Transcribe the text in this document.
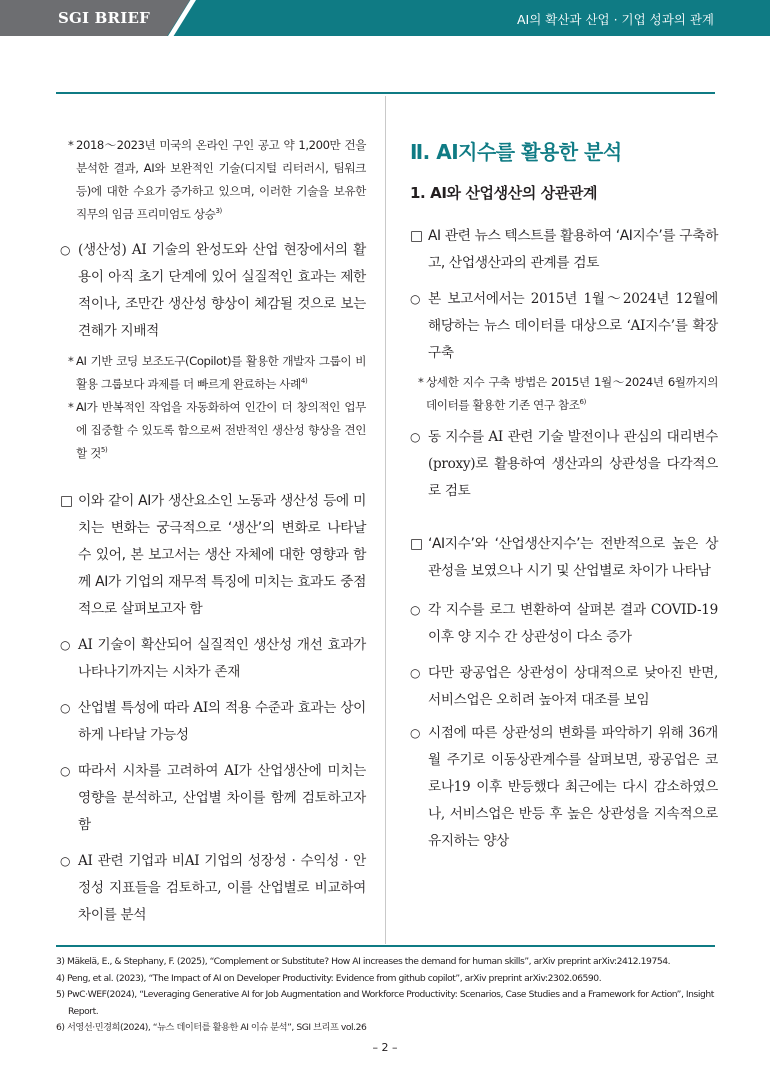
SGI BRIEF	AI의 확산과 산업 · 기업 성과의 관계

* 2018～2023년 미국의 온라인 구인 공고 약 1,200만 건을 분석한 결과, AI와 보완적인 기술(디지털 리터러시, 팀워크 등)에 대한 수요가 증가하고 있으며, 이러한 기술을 보유한 직무의 임금 프리미엄도 상승$^{3)}$

○ (생산성) AI 기술의 완성도와 산업 현장에서의 활용이 아직 초기 단계에 있어 실질적인 효과는 제한적이나, 조만간 생산성 향상이 체감될 것으로 보는 견해가 지배적

* AI 기반 코딩 보조도구(Copilot)를 활용한 개발자 그룹이 비활용 그룹보다 과제를 더 빠르게 완료하는 사례$^{4)}$

* AI가 반복적인 작업을 자동화하여 인간이 더 창의적인 업무에 집중할 수 있도록 함으로써 전반적인 생산성 향상을 견인할 것$^{5)}$

□ 이와 같이 AI가 생산요소인 노동과 생산성 등에 미치는 변화는 궁극적으로 ‘생산’의 변화로 나타날 수 있어, 본 보고서는 생산 자체에 대한 영향과 함께 AI가 기업의 재무적 특징에 미치는 효과도 중점적으로 살펴보고자 함

○ AI 기술이 확산되어 실질적인 생산성 개선 효과가 나타나기까지는 시차가 존재

○ 산업별 특성에 따라 AI의 적용 수준과 효과는 상이하게 나타날 가능성

○ 따라서 시차를 고려하여 AI가 산업생산에 미치는 영향을 분석하고, 산업별 차이를 함께 검토하고자 함

○ AI 관련 기업과 비AI 기업의 성장성 · 수익성 · 안정성 지표들을 검토하고, 이를 산업별로 비교하여 차이를 분석

Ⅱ. AI지수를 활용한 분석

1. AI와 산업생산의 상관관계

□ AI 관련 뉴스 텍스트를 활용하여 ‘AI지수’를 구축하고, 산업생산과의 관계를 검토

○ 본 보고서에서는 2015년 1월～2024년 12월에 해당하는 뉴스 데이터를 대상으로 ‘AI지수’를 확장 구축

* 상세한 지수 구축 방법은 2015년 1월～2024년 6월까지의 데이터를 활용한 기존 연구 참조$^{6)}$

○ 동 지수를 AI 관련 기술 발전이나 관심의 대리변수(proxy)로 활용하여 생산과의 상관성을 다각적으로 검토

□ ‘AI지수’와 ‘산업생산지수’는 전반적으로 높은 상관성을 보였으나 시기 및 산업별로 차이가 나타남

○ 각 지수를 로그 변환하여 살펴본 결과 COVID-19 이후 양 지수 간 상관성이 다소 증가

○ 다만 광공업은 상관성이 상대적으로 낮아진 반면, 서비스업은 오히려 높아져 대조를 보임

○ 시점에 따른 상관성의 변화를 파악하기 위해 36개월 주기로 이동상관계수를 살펴보면, 광공업은 코로나19 이후 반등했다 최근에는 다시 감소하였으나, 서비스업은 반등 후 높은 상관성을 지속적으로 유지하는 양상

3) Mäkelä, E., & Stephany, F. (2025), “Complement or Substitute? How AI increases the demand for human skills”, arXiv preprint arXiv:2412.19754.

4) Peng, et al. (2023), “The Impact of AI on Developer Productivity: Evidence from github copilot”, arXiv preprint arXiv:2302.06590.

5) PwC·WEF(2024), “Leveraging Generative AI for Job Augmentation and Workforce Productivity: Scenarios, Case Studies and a Framework for Action”, Insight Report.

6) 서영선·민경희(2024), “뉴스 데이터를 활용한 AI 이슈 분석”, SGI 브리프 vol.26

– 2 –
